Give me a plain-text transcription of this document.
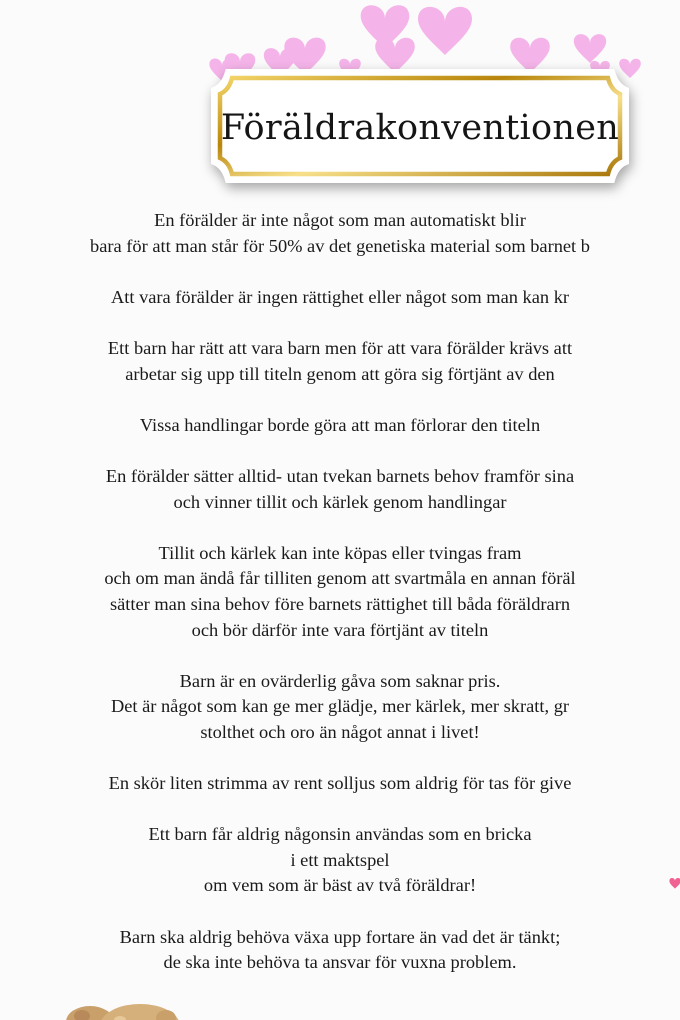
Föräldrakonventionen
En förälder är inte något som man automatiskt blir
bara för att man står för 50% av det genetiska material som barnet b
Att vara förälder är ingen rättighet eller något som man kan kr
Ett barn har rätt att vara barn men för att vara förälder krävs att
arbetar sig upp till titeln genom att göra sig förtjänt av den
Vissa handlingar borde göra att man förlorar den titeln
En förälder sätter alltid- utan tvekan barnets behov framför sina
och vinner tillit och kärlek genom handlingar
Tillit och kärlek kan inte köpas eller tvingas fram
och om man ändå får tilliten genom att svartmåla en annan föräl
sätter man sina behov före barnets rättighet till båda föräldrarn
och bör därför inte vara förtjänt av titeln
Barn är en ovärderlig gåva som saknar pris.
Det är något som kan ge mer glädje, mer kärlek, mer skratt, gr
stolthet och oro än något annat i livet!
En skör liten strimma av rent solljus som aldrig för tas för give
Ett barn får aldrig någonsin användas som en bricka
i ett maktspel
om vem som är bäst av två föräldrar!
Barn ska aldrig behöva växa upp fortare än vad det är tänkt;
de ska inte behöva ta ansvar för vuxna problem.
